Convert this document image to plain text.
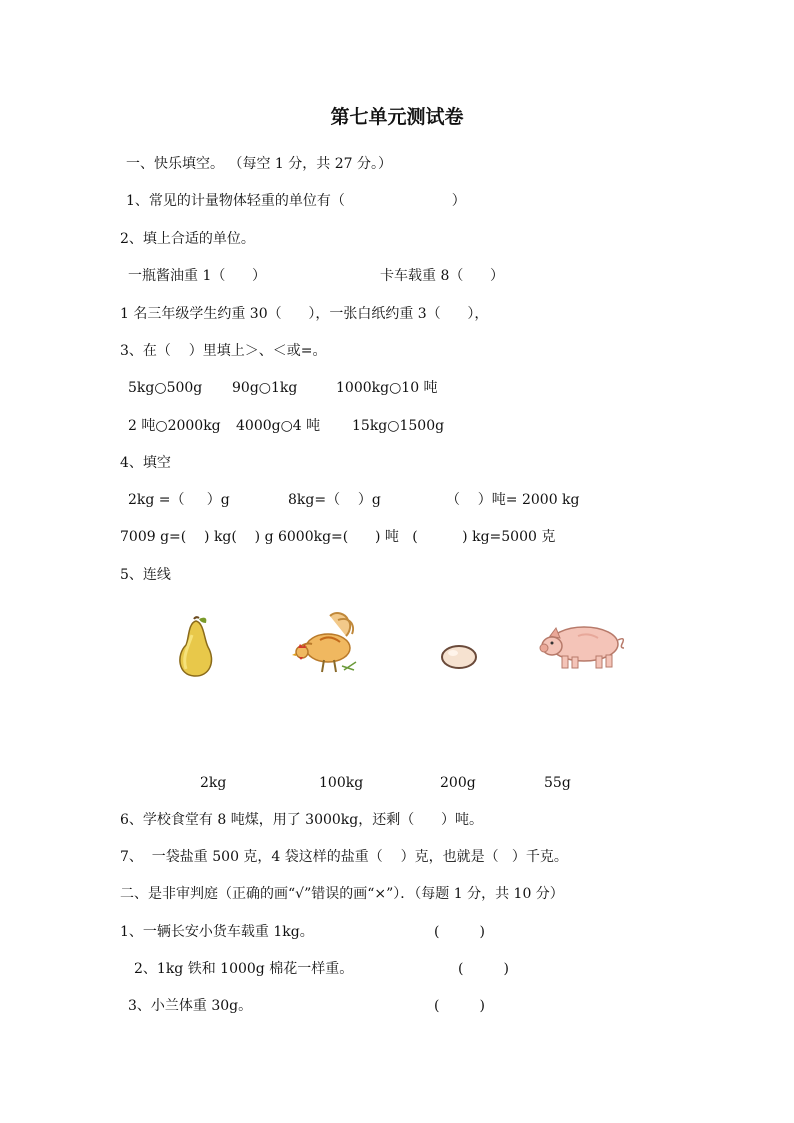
第七单元测试卷
一、快乐填空。 （每空 1 分，共 27 分。）
1、常见的计量物体轻重的单位有（                        ）
2、填上合适的单位。
一瓶酱油重 1（      ）	卡车载重 8（      ）
1 名三年级学生约重 30（      ），一张白纸约重 3（      ），
3、在（    ）里填上＞、＜或=。
5kg○500g 90g○1kg	1000kg○10 吨
2 吨○2000kg 4000g○4 吨 15kg○1500g
4、填空
2kg =（     ）g	8kg=（    ）g	（    ）吨= 2000 kg
7009 g=(    ) kg(    ) g 6000kg=(      ) 吨   (          ) kg=5000 克
5、连线
2kg	100kg	200g	55g
6、学校食堂有 8 吨煤，用了 3000kg，还剩（      ）吨。
7、  一袋盐重 500 克，4 袋这样的盐重（    ）克，也就是（   ）千克。
二、是非审判庭（正确的画“√”错误的画“×”）．（每题 1 分，共 10 分）
1、一辆长安小货车载重 1kg。	(         )
2、1kg 铁和 1000g 棉花一样重。	(         )
3、小兰体重 30g。	(         )
